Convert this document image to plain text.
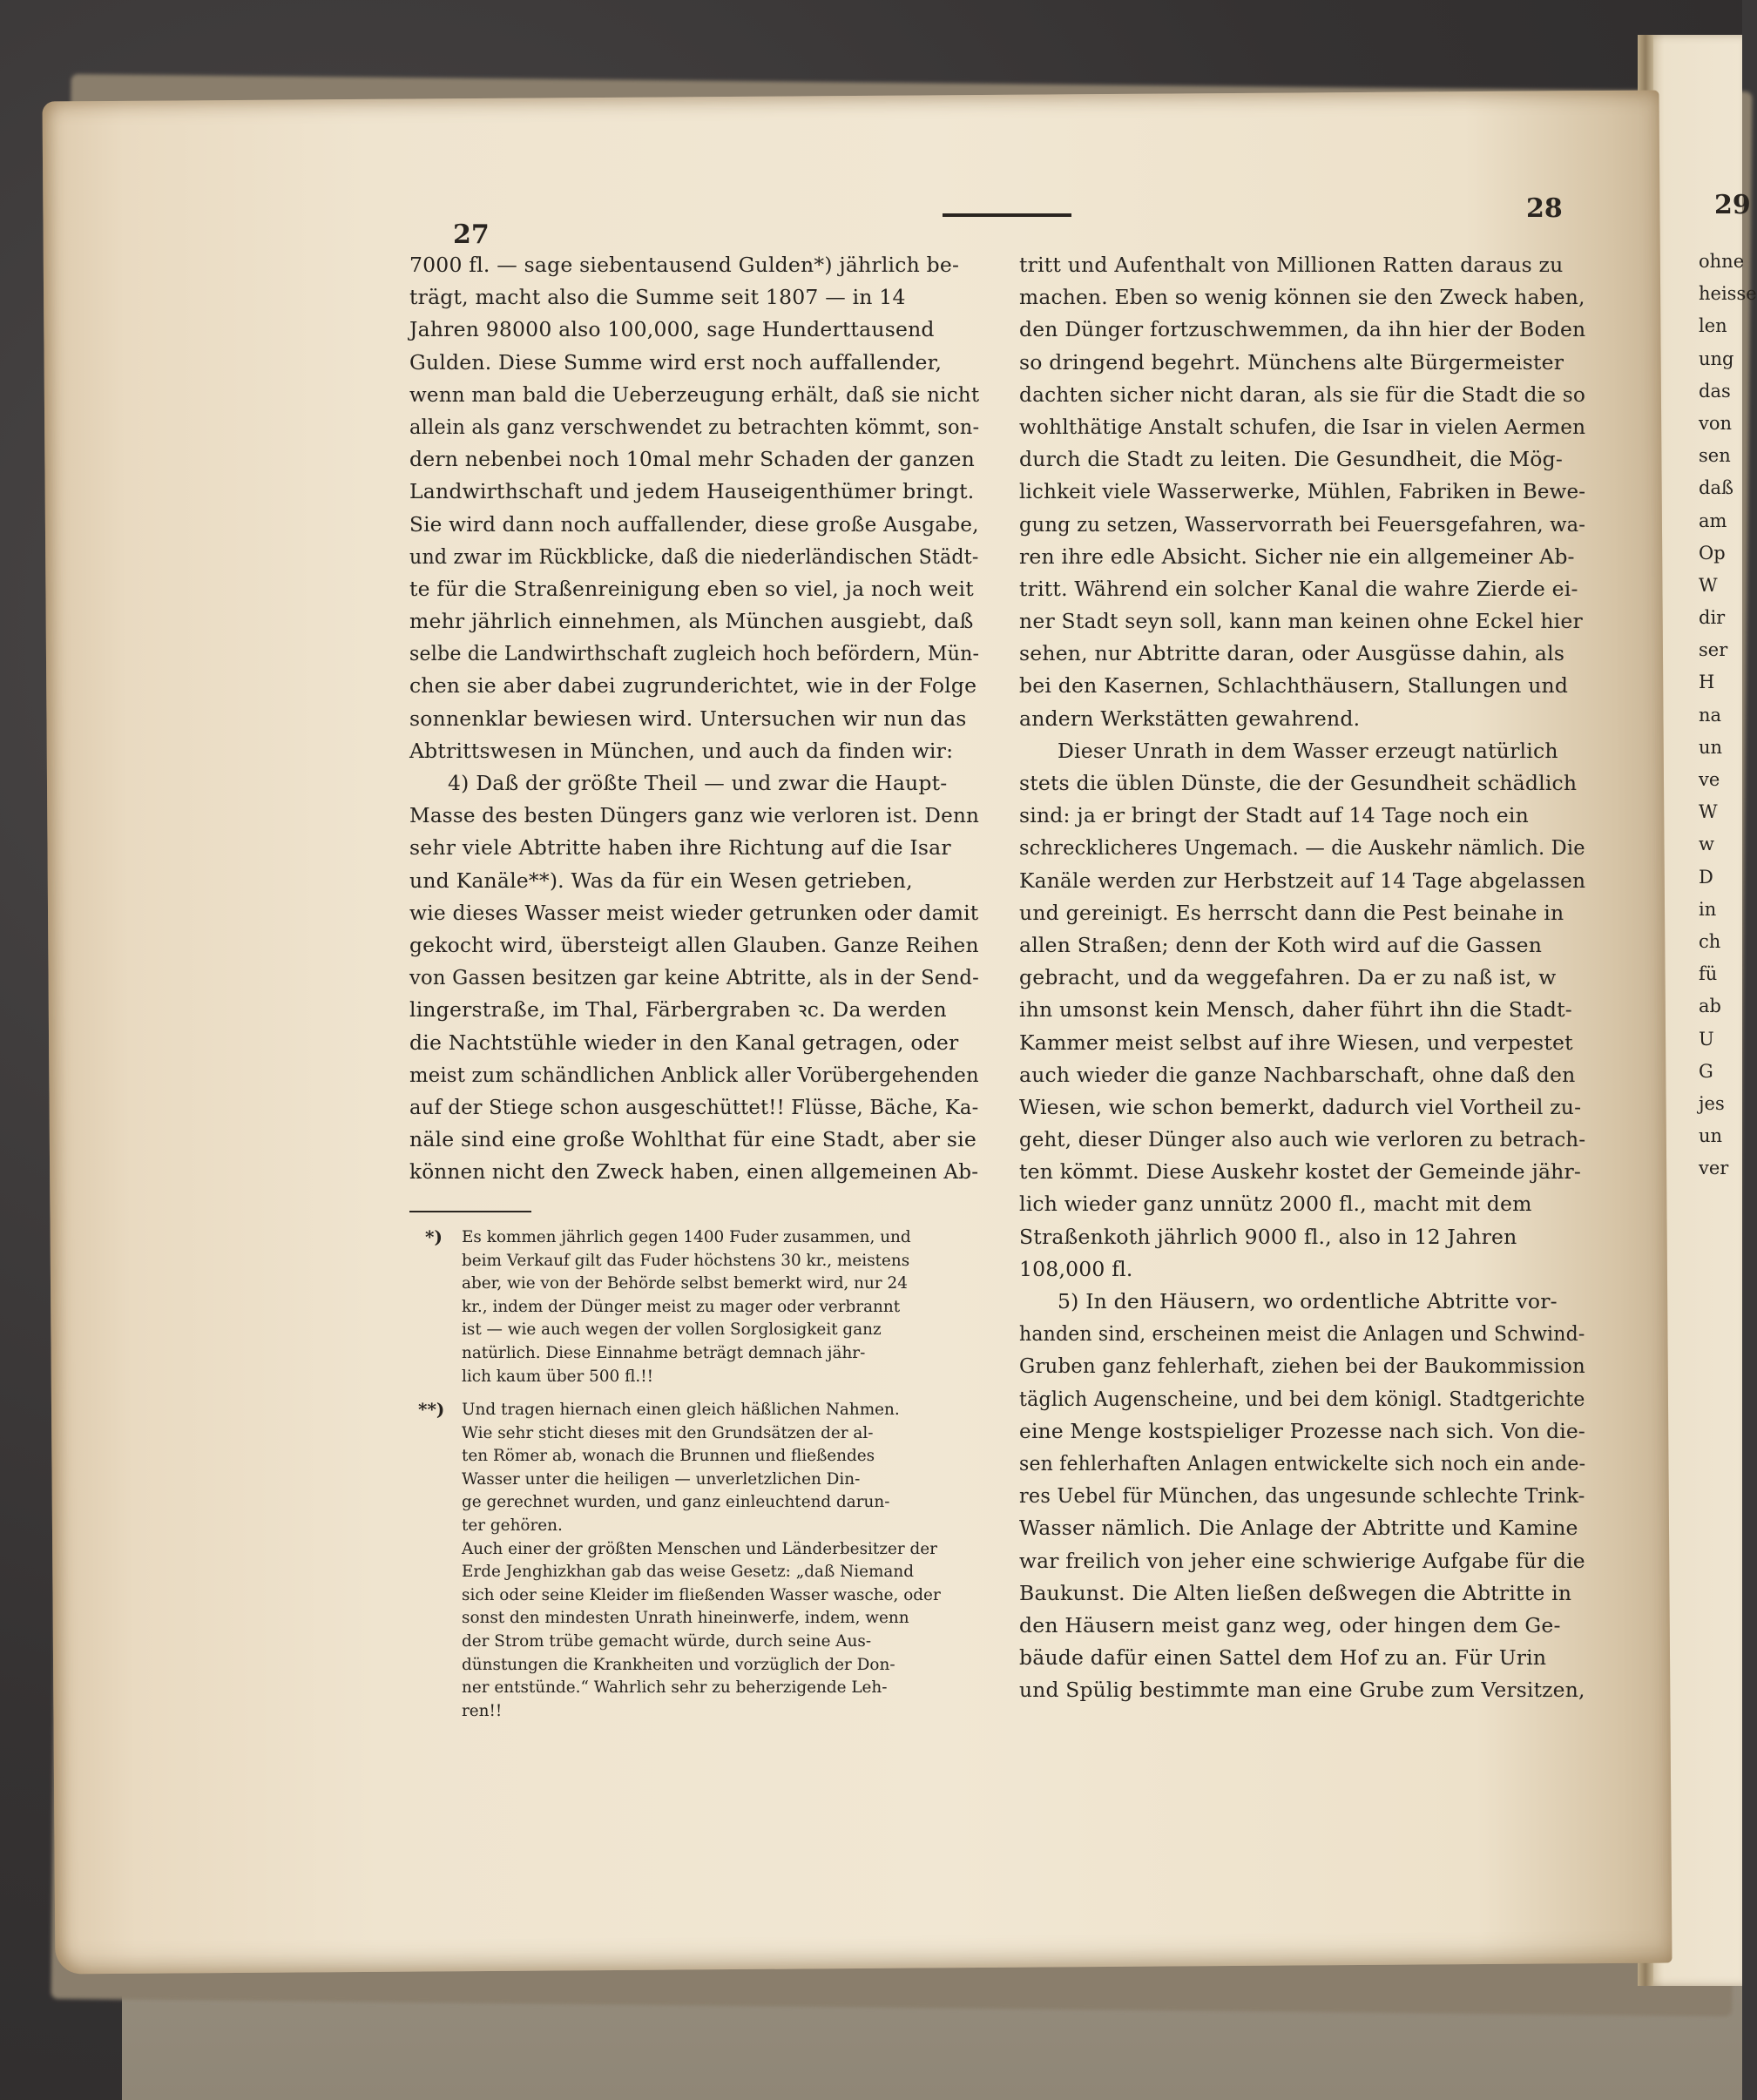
27
28	29
7000 fl. — sage siebentausend Gulden*) jährlich be-
trägt, macht also die Summe seit 1807 — in 14
Jahren 98000 also 100,000, sage Hunderttausend
Gulden. Diese Summe wird erst noch auffallender,
wenn man bald die Ueberzeugung erhält, daß sie nicht
allein als ganz verschwendet zu betrachten kömmt, son-
dern nebenbei noch 10mal mehr Schaden der ganzen
Landwirthschaft und jedem Hauseigenthümer bringt.
Sie wird dann noch auffallender, diese große Ausgabe,
und zwar im Rückblicke, daß die niederländischen Städt-
te für die Straßenreinigung eben so viel, ja noch weit
mehr jährlich einnehmen, als München ausgiebt, daß
selbe die Landwirthschaft zugleich hoch befördern, Mün-
chen sie aber dabei zugrunderichtet, wie in der Folge
sonnenklar bewiesen wird. Untersuchen wir nun das
Abtrittswesen in München, und auch da finden wir:
4) Daß der größte Theil — und zwar die Haupt-
Masse des besten Düngers ganz wie verloren ist. Denn
sehr viele Abtritte haben ihre Richtung auf die Isar
und Kanäle**). Was da für ein Wesen getrieben,
wie dieses Wasser meist wieder getrunken oder damit
gekocht wird, übersteigt allen Glauben. Ganze Reihen
von Gassen besitzen gar keine Abtritte, als in der Send-
lingerstraße, im Thal, Färbergraben ꝛc. Da werden
die Nachtstühle wieder in den Kanal getragen, oder
meist zum schändlichen Anblick aller Vorübergehenden
auf der Stiege schon ausgeschüttet!! Flüsse, Bäche, Ka-
näle sind eine große Wohlthat für eine Stadt, aber sie
können nicht den Zweck haben, einen allgemeinen Ab-
*) Es kommen jährlich gegen 1400 Fuder zusammen, und
beim Verkauf gilt das Fuder höchstens 30 kr., meistens
aber, wie von der Behörde selbst bemerkt wird, nur 24
kr., indem der Dünger meist zu mager oder verbrannt
ist — wie auch wegen der vollen Sorglosigkeit ganz
natürlich. Diese Einnahme beträgt demnach jähr-
lich kaum über 500 fl.!!
**) Und tragen hiernach einen gleich häßlichen Nahmen.
Wie sehr sticht dieses mit den Grundsätzen der al-
ten Römer ab, wonach die Brunnen und fließendes
Wasser unter die heiligen — unverletzlichen Din-
ge gerechnet wurden, und ganz einleuchtend darun-
ter gehören.
Auch einer der größten Menschen und Länderbesitzer der
Erde Jenghizkhan gab das weise Gesetz: „daß Niemand
sich oder seine Kleider im fließenden Wasser wasche, oder
sonst den mindesten Unrath hineinwerfe, indem, wenn
der Strom trübe gemacht würde, durch seine Aus-
dünstungen die Krankheiten und vorzüglich der Don-
ner entstünde.“ Wahrlich sehr zu beherzigende Leh-
ren!!
tritt und Aufenthalt von Millionen Ratten daraus zu
machen. Eben so wenig können sie den Zweck haben,
den Dünger fortzuschwemmen, da ihn hier der Boden
so dringend begehrt. Münchens alte Bürgermeister
dachten sicher nicht daran, als sie für die Stadt die so
wohlthätige Anstalt schufen, die Isar in vielen Aermen
durch die Stadt zu leiten. Die Gesundheit, die Mög-
lichkeit viele Wasserwerke, Mühlen, Fabriken in Bewe-
gung zu setzen, Wasservorrath bei Feuersgefahren, wa-
ren ihre edle Absicht. Sicher nie ein allgemeiner Ab-
tritt. Während ein solcher Kanal die wahre Zierde ei-
ner Stadt seyn soll, kann man keinen ohne Eckel hier
sehen, nur Abtritte daran, oder Ausgüsse dahin, als
bei den Kasernen, Schlachthäusern, Stallungen und
andern Werkstätten gewahrend.
Dieser Unrath in dem Wasser erzeugt natürlich
stets die üblen Dünste, die der Gesundheit schädlich
sind: ja er bringt der Stadt auf 14 Tage noch ein
schrecklicheres Ungemach. — die Auskehr nämlich. Die
Kanäle werden zur Herbstzeit auf 14 Tage abgelassen
und gereinigt. Es herrscht dann die Pest beinahe in
allen Straßen; denn der Koth wird auf die Gassen
gebracht, und da weggefahren. Da er zu naß ist, w
ihn umsonst kein Mensch, daher führt ihn die Stadt-
Kammer meist selbst auf ihre Wiesen, und verpestet
auch wieder die ganze Nachbarschaft, ohne daß den
Wiesen, wie schon bemerkt, dadurch viel Vortheil zu-
geht, dieser Dünger also auch wie verloren zu betrach-
ten kömmt. Diese Auskehr kostet der Gemeinde jähr-
lich wieder ganz unnütz 2000 fl., macht mit dem
Straßenkoth jährlich 9000 fl., also in 12 Jahren
108,000 fl.
5) In den Häusern, wo ordentliche Abtritte vor-
handen sind, erscheinen meist die Anlagen und Schwind-
Gruben ganz fehlerhaft, ziehen bei der Baukommission
täglich Augenscheine, und bei dem königl. Stadtgerichte
eine Menge kostspieliger Prozesse nach sich. Von die-
sen fehlerhaften Anlagen entwickelte sich noch ein ande-
res Uebel für München, das ungesunde schlechte Trink-
Wasser nämlich. Die Anlage der Abtritte und Kamine
war freilich von jeher eine schwierige Aufgabe für die
Baukunst. Die Alten ließen deßwegen die Abtritte in
den Häusern meist ganz weg, oder hingen dem Ge-
bäude dafür einen Sattel dem Hof zu an. Für Urin
und Spülig bestimmte man eine Grube zum Versitzen,
ohne
heisse
len
ung
das
von
sen
daß
am
Op
W
dir
ser
H
na
un
ve
W
w
D
in
ch
fü
ab
U
G
jes
un
ver
